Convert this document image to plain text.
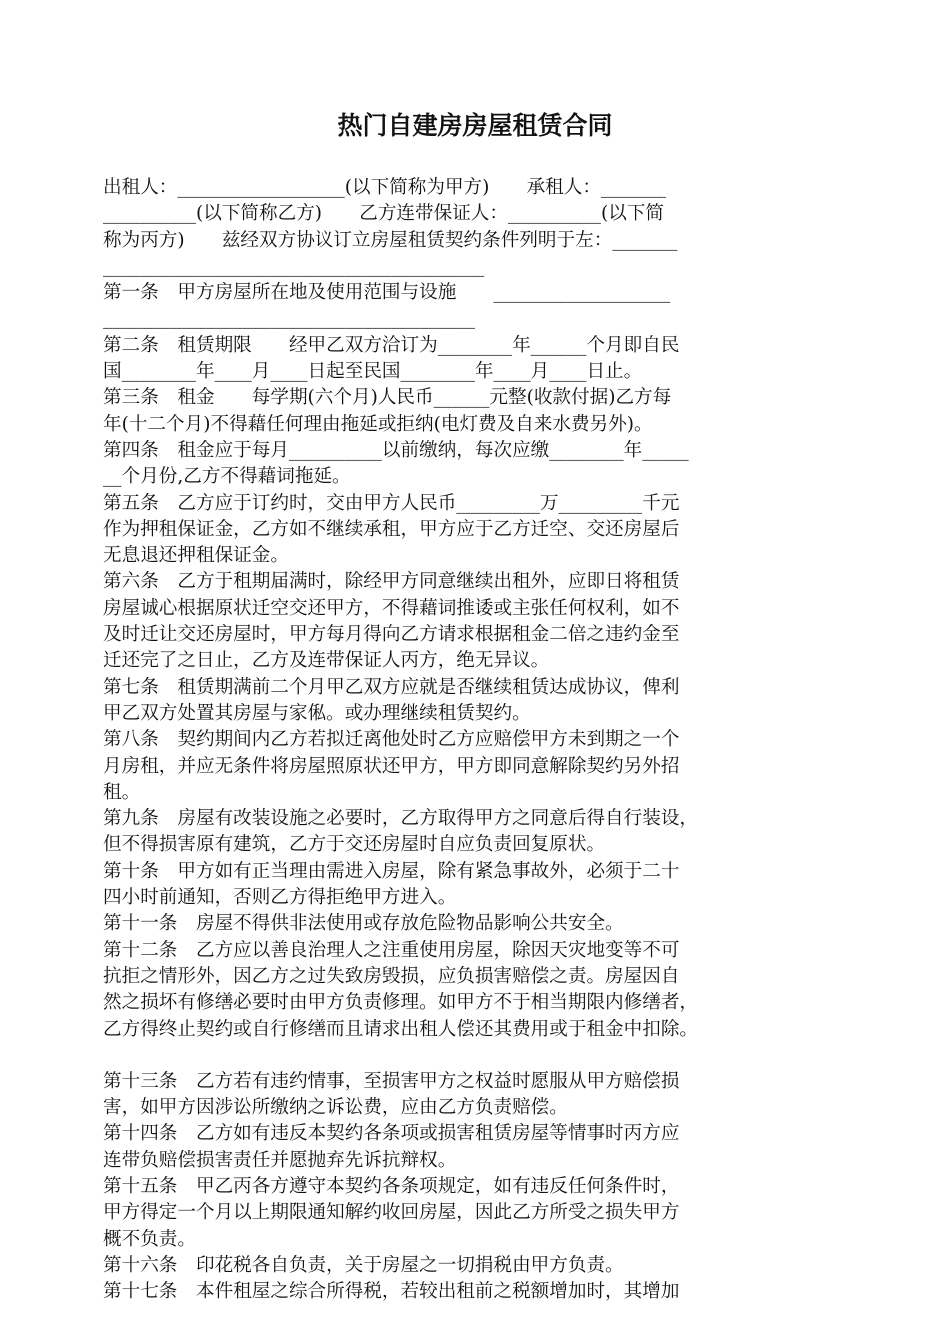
热门自建房房屋租赁合同

出租人：__________________(以下简称为甲方)　　承租人：_______

__________(以下简称乙方)　　乙方连带保证人：__________(以下简

称为丙方)　　兹经双方协议订立房屋租赁契约条件列明于左：_______

_________________________________________

第一条　甲方房屋所在地及使用范围与设施　　___________________

________________________________________

第二条　租赁期限　　经甲乙双方洽订为________年______个月即自民

国________年____月____日起至民国________年____月____日止。

第三条　租金　　每学期(六个月)人民币______元整(收款付据)乙方每

年(十二个月)不得藉任何理由拖延或拒纳(电灯费及自来水费另外)。

第四条　租金应于每月__________以前缴纳，每次应缴________年_____

__个月份,乙方不得藉词拖延。

第五条　乙方应于订约时，交由甲方人民币_________万_________千元

作为押租保证金，乙方如不继续承租，甲方应于乙方迁空、交还房屋后

无息退还押租保证金。

第六条　乙方于租期届满时，除经甲方同意继续出租外，应即日将租赁

房屋诚心根据原状迁空交还甲方，不得藉词推诿或主张任何权利，如不

及时迁让交还房屋时，甲方每月得向乙方请求根据租金二倍之违约金至

迁还完了之日止，乙方及连带保证人丙方，绝无异议。

第七条　租赁期满前二个月甲乙双方应就是否继续租赁达成协议，俾利

甲乙双方处置其房屋与家俬。或办理继续租赁契约。

第八条　契约期间内乙方若拟迁离他处时乙方应赔偿甲方未到期之一个

月房租，并应无条件将房屋照原状还甲方，甲方即同意解除契约另外招

租。

第九条　房屋有改装设施之必要时，乙方取得甲方之同意后得自行装设，

但不得损害原有建筑，乙方于交还房屋时自应负责回复原状。

第十条　甲方如有正当理由需进入房屋，除有紧急事故外，必须于二十

四小时前通知，否则乙方得拒绝甲方进入。

第十一条　房屋不得供非法使用或存放危险物品影响公共安全。

第十二条　乙方应以善良治理人之注重使用房屋，除因天灾地变等不可

抗拒之情形外，因乙方之过失致房毁损，应负损害赔偿之责。房屋因自

然之损坏有修缮必要时由甲方负责修理。如甲方不于相当期限内修缮者，

乙方得终止契约或自行修缮而且请求出租人偿还其费用或于租金中扣除。

第十三条　乙方若有违约情事，至损害甲方之权益时愿服从甲方赔偿损

害，如甲方因涉讼所缴纳之诉讼费，应由乙方负责赔偿。

第十四条　乙方如有违反本契约各条项或损害租赁房屋等情事时丙方应

连带负赔偿损害责任并愿抛弃先诉抗辩权。

第十五条　甲乙丙各方遵守本契约各条项规定，如有违反任何条件时，

甲方得定一个月以上期限通知解约收回房屋，因此乙方所受之损失甲方

概不负责。

第十六条　印花税各自负责，关于房屋之一切捐税由甲方负责。

第十七条　本件租屋之综合所得税，若较出租前之税额增加时，其增加
